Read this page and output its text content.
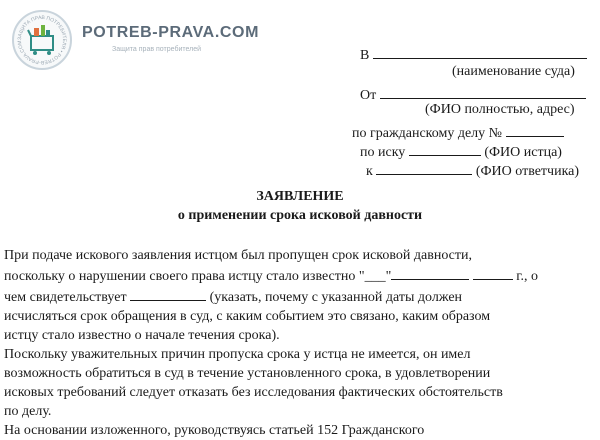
ЗАЩИТА ПРАВ ПОТРЕБИТЕЛЯ • POTREB-PRAVA.COM
POTREB-PRAVA.COM
Защита прав потребителей	В
(наименование суда)
От
(ФИО полностью, адрес)
по гражданскому делу №
по иску	(ФИО истца)
к	(ФИО ответчика)
ЗАЯВЛЕНИЕ
о применении срока исковой давности

При подаче искового заявления истцом был пропущен срок исковой давности,

поскольку о нарушении своего права истцу стало известно "___"	г., о

чем свидетельствует	(указать, почему с указанной даты должен

исчисляться срок обращения в суд, с каким событием это связано, каким образом

истцу стало известно о начале течения срока).

Поскольку уважительных причин пропуска срока у истца не имеется, он имел

возможность обратиться в суд в течение установленного срока, в удовлетворении

исковых требований следует отказать без исследования фактических обстоятельств

по делу.

На основании изложенного, руководствуясь статьей 152 Гражданского
